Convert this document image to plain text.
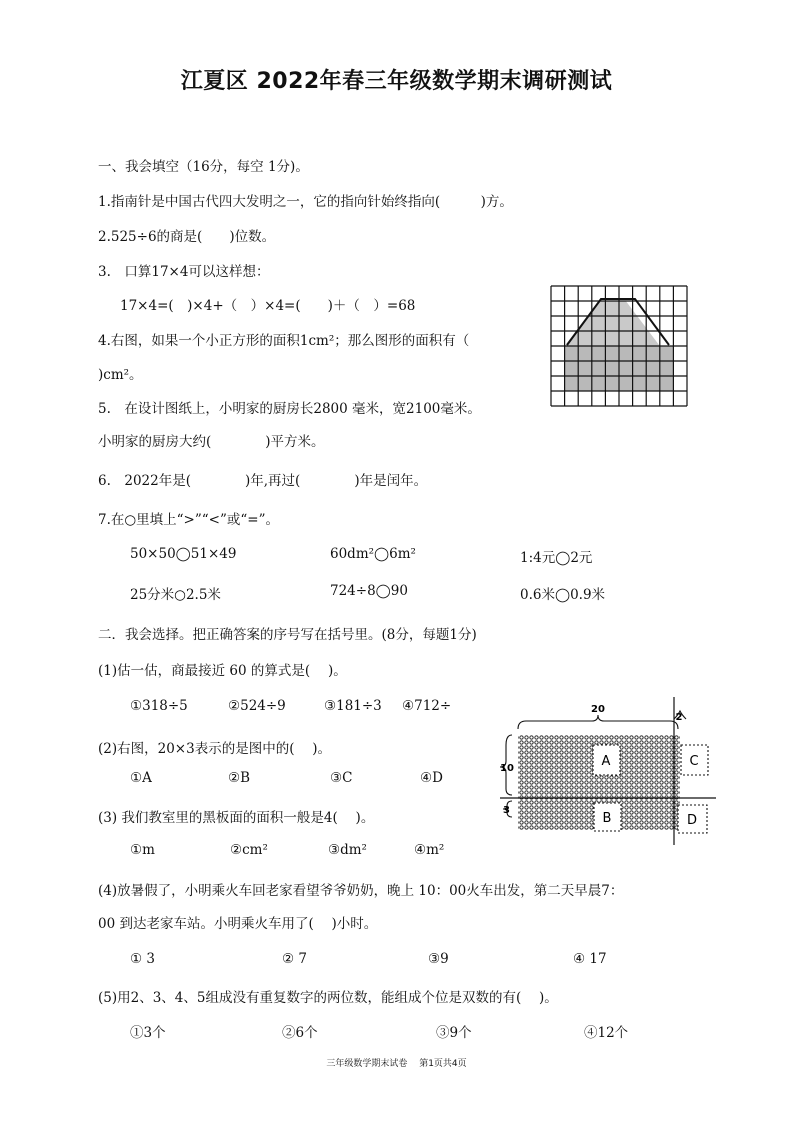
江夏区 2022年春三年级数学期末调研测试
一、我会填空（16分，每空 1分)。
1.指南针是中国古代四大发明之一，它的指向针始终指向(　　　)方。
2.525÷6的商是(　　)位数。
3.　口算17×4可以这样想：
17×4=(　)×4+（　）×4=(　　)＋（　）=68
4.右图，如果一个小正方形的面积1cm²；那么图形的面积有（
)cm²。
5.　在设计图纸上，小明家的厨房长2800 毫米，宽2100毫米。
小明家的厨房大约(　　　　)平方米。
6.　2022年是(　　　　)年,再过(　　　　)年是闰年。
7.在○里填上“>”“<”或“=”。
50×50◯51×49	60dm²◯6m²	1:4元◯2元
25分米○2.5米	724÷8◯90	0.6米◯0.9米
二．我会选择。把正确答案的序号写在括号里。(8分，每题1分)
(1)估一估，商最接近 60 的算式是(　 )。
①318÷5	②524÷9	③181÷3 ④712÷
(2)右图，20×3表示的是图中的(　 )。
①A	②B	③C	④D
(3) 我们教室里的黑板面的面积一般是4(　 )。
①m	②cm²	③dm²	④m²
(4)放暑假了，小明乘火车回老家看望爷爷奶奶，晚上 10：00火车出发，第二天早晨7：
00 到达老家车站。小明乘火车用了(　 )小时。
① 3	② 7	③9	④ 17
(5)用2、3、4、5组成没有重复数字的两位数，能组成个位是双数的有(　 )。
①3个	②6个	③9个	④12个
20
2
10
3
A
B
C
D
三年级数学期末试卷　 第1页共4页
